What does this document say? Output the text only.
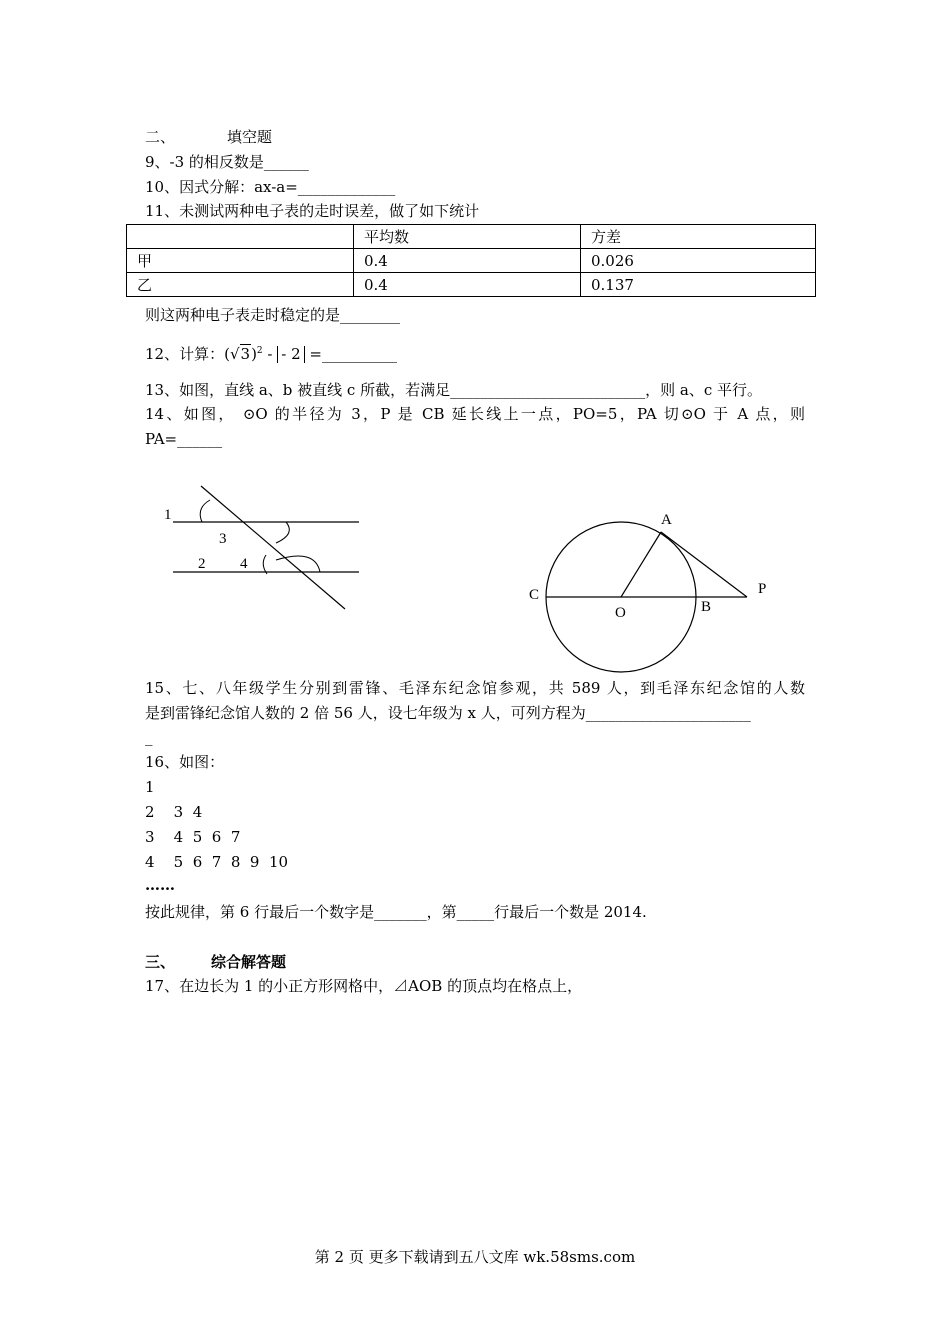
二、	填空题
9、-3 的相反数是______
10、因式分解：ax-a=_____________
11、未测试两种电子表的走时误差，做了如下统计
	平均数	方差
甲	0.4	0.026
乙	0.4	0.137
则这两种电子表走时稳定的是________
12、计算：$(√3)^2$ - - 2 =__________
13、如图，直线 a、b 被直线 c 所截，若满足__________________________，则 a、c 平行。
14、如图， ⊙O 的半径为 3，P 是 CB 延长线上一点，PO=5，PA 切⊙O 于 A 点，则
PA=______
1
3
2 4
A
C
O	B
P
15、七、八年级学生分别到雷锋、毛泽东纪念馆参观，共 589 人，到毛泽东纪念馆的人数
是到雷锋纪念馆人数的 2 倍 56 人，设七年级为 x 人，可列方程为______________________
_
16、如图：
1
2    3  4
3    4  5  6  7
4    5  6  7  8  9  10
……
按此规律，第 6 行最后一个数字是_______，第_____行最后一个数是 2014.
三、 综合解答题
17、在边长为 1 的小正方形网格中，⊿AOB 的顶点均在格点上，
第 2 页 更多下载请到五八文库 wk.58sms.com
